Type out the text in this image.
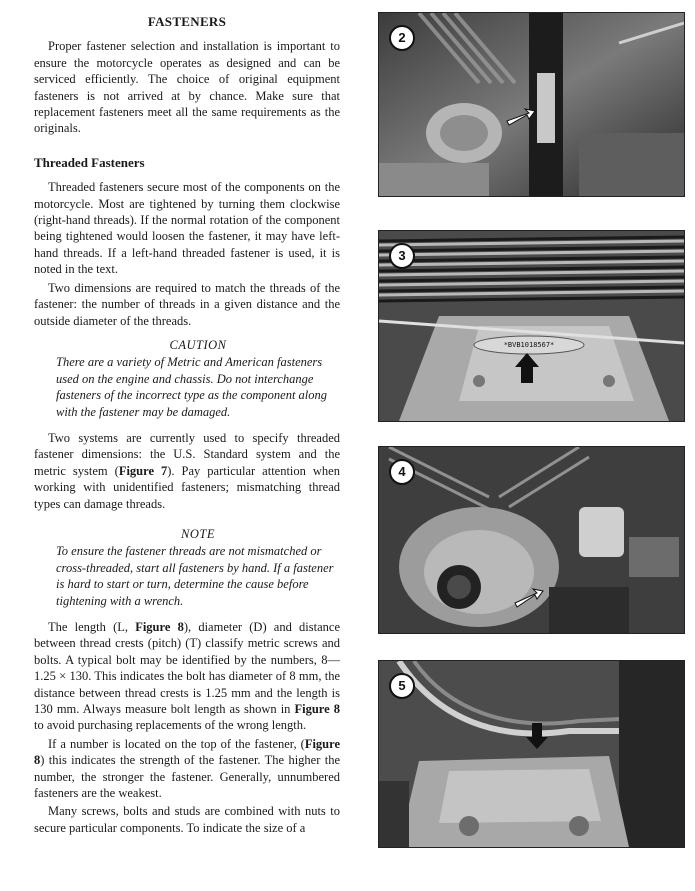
FASTENERS

Proper fastener selection and installation is important to ensure the motorcycle operates as designed and can be serviced efficiently. The choice of original equipment fasteners is not arrived at by chance. Make sure that replacement fasteners meet all the same requirements as the originals.

Threaded Fasteners

Threaded fasteners secure most of the components on the motorcycle. Most are tightened by turning them clockwise (right-hand threads). If the normal rotation of the component being tightened would loosen the fastener, it may have left-hand threads. If a left-hand threaded fastener is used, it is noted in the text.

Two dimensions are required to match the threads of the fastener: the number of threads in a given distance and the outside diameter of the threads.

CAUTION
There are a variety of Metric and American fasteners used on the engine and chassis. Do not interchange fasteners of the incorrect type as the component along with the fastener may be damaged.

Two systems are currently used to specify threaded fastener dimensions: the U.S. Standard system and the metric system (Figure 7). Pay particular attention when working with unidentified fasteners; mismatching thread types can damage threads.

NOTE
To ensure the fastener threads are not mismatched or cross-threaded, start all fasteners by hand. If a fastener is hard to start or turn, determine the cause before tightening with a wrench.

The length (L, Figure 8), diameter (D) and distance between thread crests (pitch) (T) classify metric screws and bolts. A typical bolt may be identified by the numbers, 8—1.25 × 130. This indicates the bolt has diameter of 8 mm, the distance between thread crests is 1.25 mm and the length is 130 mm. Always measure bolt length as shown in Figure 8 to avoid purchasing replacements of the wrong length.

If a number is located on the top of the fastener, (Figure 8) this indicates the strength of the fastener. The higher the number, the stronger the fastener. Generally, unnumbered fasteners are the weakest.

Many screws, bolts and studs are combined with nuts to secure particular components. To indicate the size of a

2
*BVB1018567*
3
4
5
